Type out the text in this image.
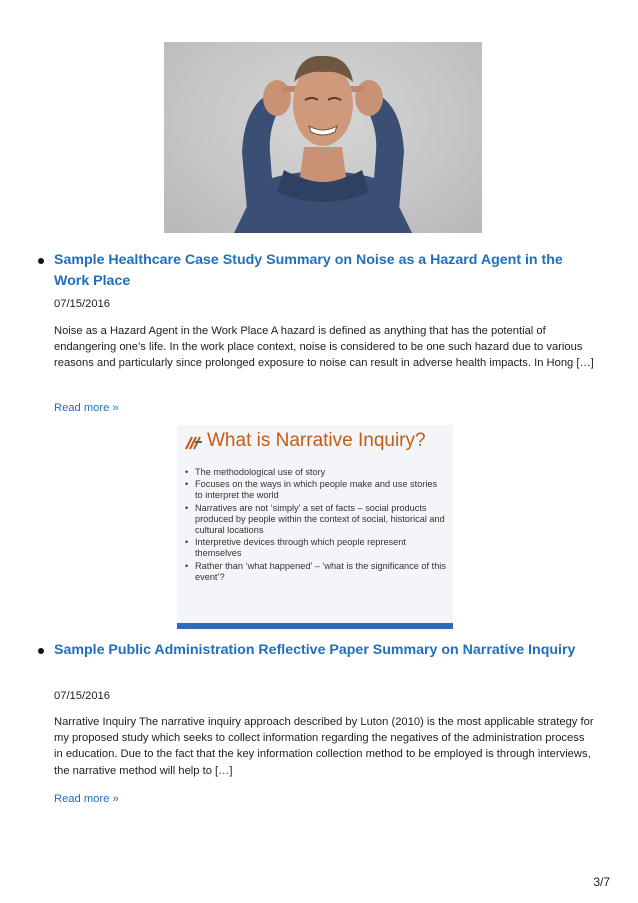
Sample Healthcare Case Study Summary on Noise as a Hazard Agent in the Work Place

07/15/2016

Noise as a Hazard Agent in the Work Place A hazard is defined as anything that has the potential of endangering one’s life. In the work place context, noise is considered to be one such hazard due to various reasons and particularly since prolonged exposure to noise can result in adverse health impacts. In Hong […]

Read more »
What is Narrative Inquiry?
• The methodological use of story
• Focuses on the ways in which people make and use stories to interpret the world
• Narratives are not ‘simply’ a set of facts – social products produced by people within the context of social, historical and cultural locations
• Interpretive devices through which people represent themselves
• Rather than ‘what happened’ – ‘what is the significance of this event’?

Sample Public Administration Reflective Paper Summary on Narrative Inquiry

07/15/2016

Narrative Inquiry The narrative inquiry approach described by Luton (2010) is the most applicable strategy for my proposed study which seeks to collect information regarding the negatives of the administration process in education. Due to the fact that the key information collection method to be employed is through interviews, the narrative method will help to […]

Read more »
3/7
